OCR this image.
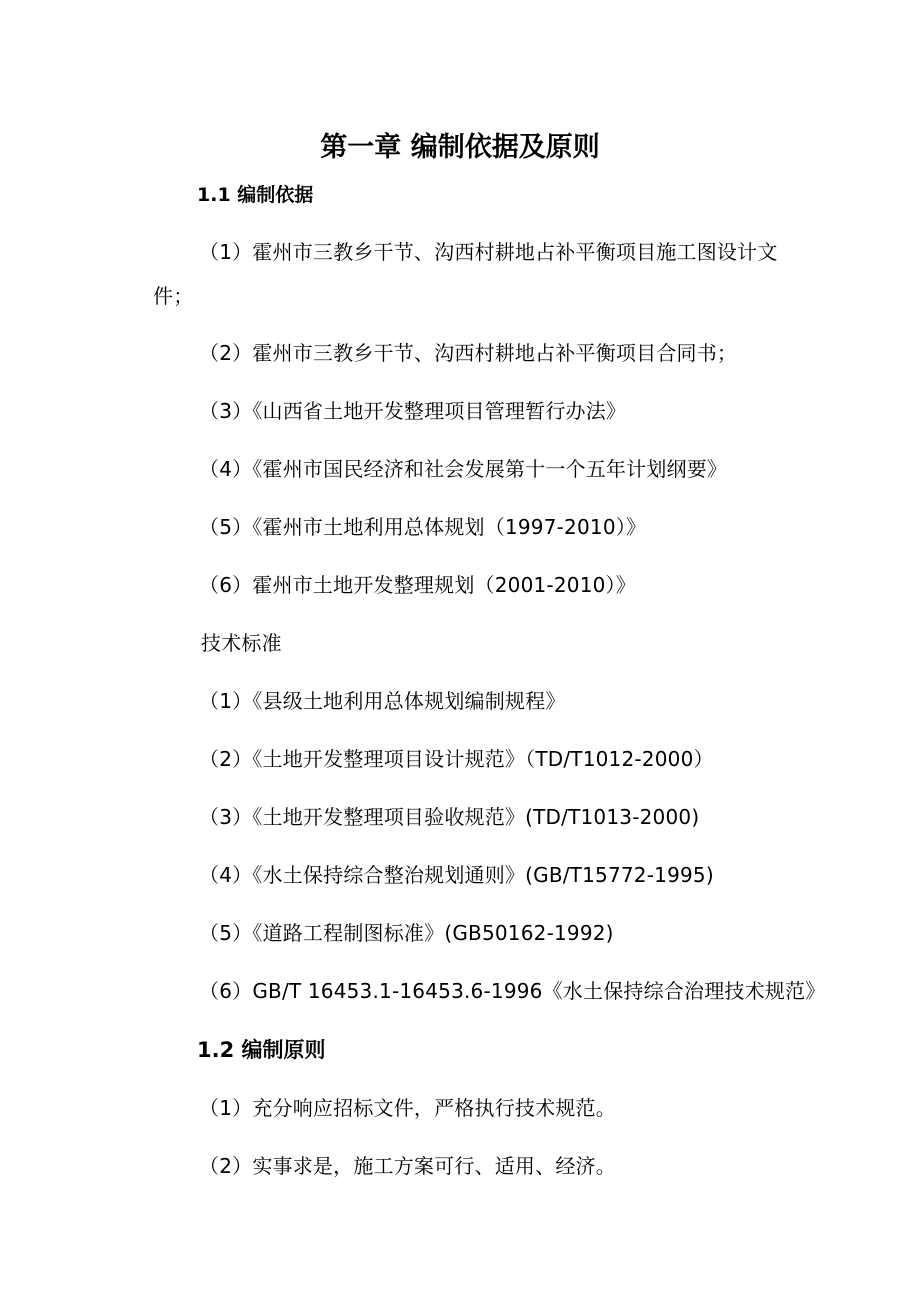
第一章 编制依据及原则
1.1 编制依据
（1）霍州市三教乡干节、沟西村耕地占补平衡项目施工图设计文
件；
（2）霍州市三教乡干节、沟西村耕地占补平衡项目合同书；
（3）《山西省土地开发整理项目管理暂行办法》
（4）《霍州市国民经济和社会发展第十一个五年计划纲要》
（5）《霍州市土地利用总体规划（1997-2010）》
（6）霍州市土地开发整理规划（2001-2010）》
技术标准
（1）《县级土地利用总体规划编制规程》
（2）《土地开发整理项目设计规范》（TD/T1012-2000）
（3）《土地开发整理项目验收规范》(TD/T1013-2000)
（4）《水土保持综合整治规划通则》(GB/T15772-1995)
（5）《道路工程制图标准》(GB50162-1992)
（6）GB/T 16453.1-16453.6-1996《水土保持综合治理技术规范》
1.2 编制原则
（1）充分响应招标文件，严格执行技术规范。
（2）实事求是，施工方案可行、适用、经济。
